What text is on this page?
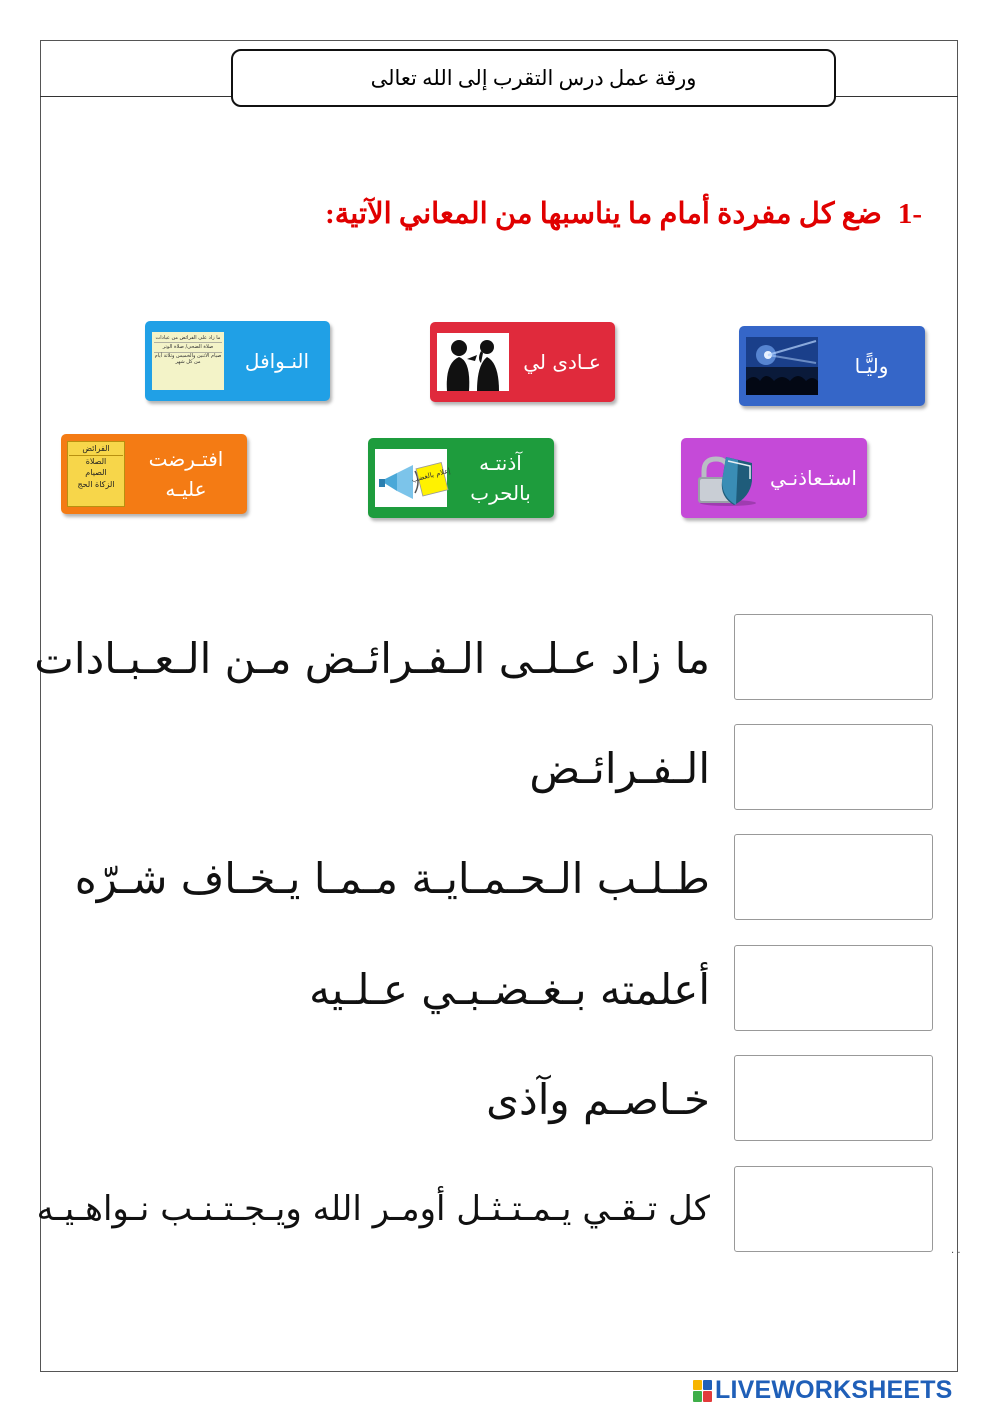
ورقة عمل درس التقرب إلى الله تعالى
-1ضع كل مفردة أمام ما يناسبها من المعاني الآتية:
وليًّـا
عـادى لي
النـوافل
ما زاد على الفرائض من عبادات
صلاة الضحى/ صلاة الوتر
صيام الاثنين والخميس وثلاثة أيام من كل شهر
استـعاذنـي
آذنتـه
بالحرب
إعلام بالغضب
افتـرضت عليـه
الفرائض
الصلاة
الصيام
الزكاة الحج
ما زاد عـلـى الـفـرائـض مـن الـعـبـادات
الـفـرائـض
طـلـب الـحـمـايـة مـمـا يـخـاف شـرّه
أعلمته بـغـضـبـي عـلـيه
خـاصـم وآذى
كل تـقـي يـمـتـثـل أومـر الله ويـجـتـنـب نـواهـيـه
. .
LIVEWORKSHEETS
